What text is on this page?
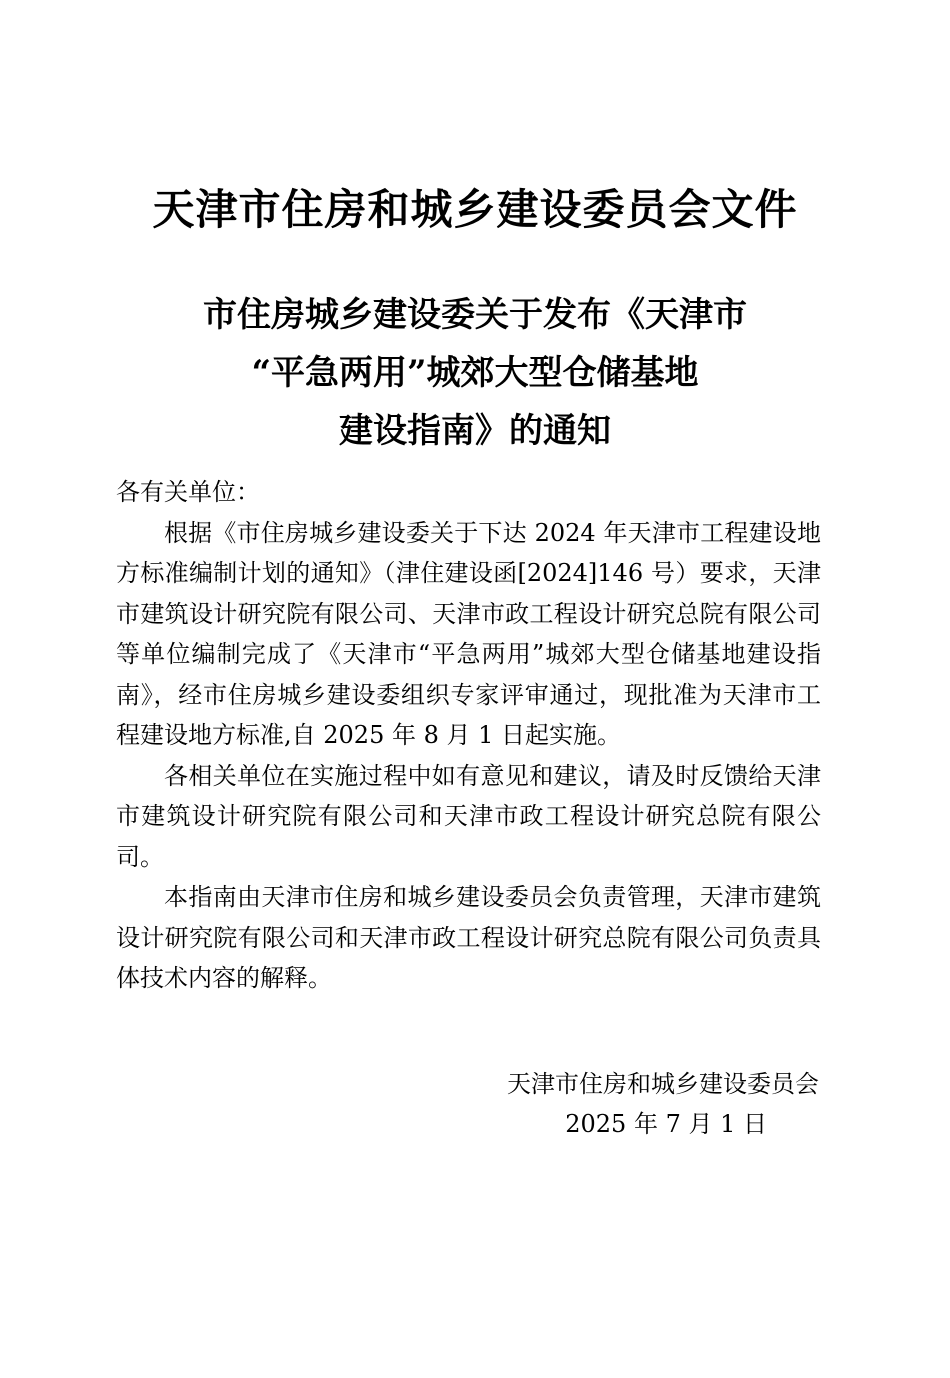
天津市住房和城乡建设委员会文件
市住房城乡建设委关于发布《天津市
“平急两用”城郊大型仓储基地
建设指南》的通知

各有关单位：

根据《市住房城乡建设委关于下达 2024 年天津市工程建设地方标准编制计划的通知》（津住建设函[2024]146 号）要求，天津市建筑设计研究院有限公司、天津市政工程设计研究总院有限公司等单位编制完成了《天津市“平急两用”城郊大型仓储基地建设指南》，经市住房城乡建设委组织专家评审通过，现批准为天津市工程建设地方标准,自 2025 年 8 月 1 日起实施。

各相关单位在实施过程中如有意见和建议，请及时反馈给天津市建筑设计研究院有限公司和天津市政工程设计研究总院有限公司。

本指南由天津市住房和城乡建设委员会负责管理，天津市建筑设计研究院有限公司和天津市政工程设计研究总院有限公司负责具体技术内容的解释。

天津市住房和城乡建设委员会
2025 年 7 月 1 日
